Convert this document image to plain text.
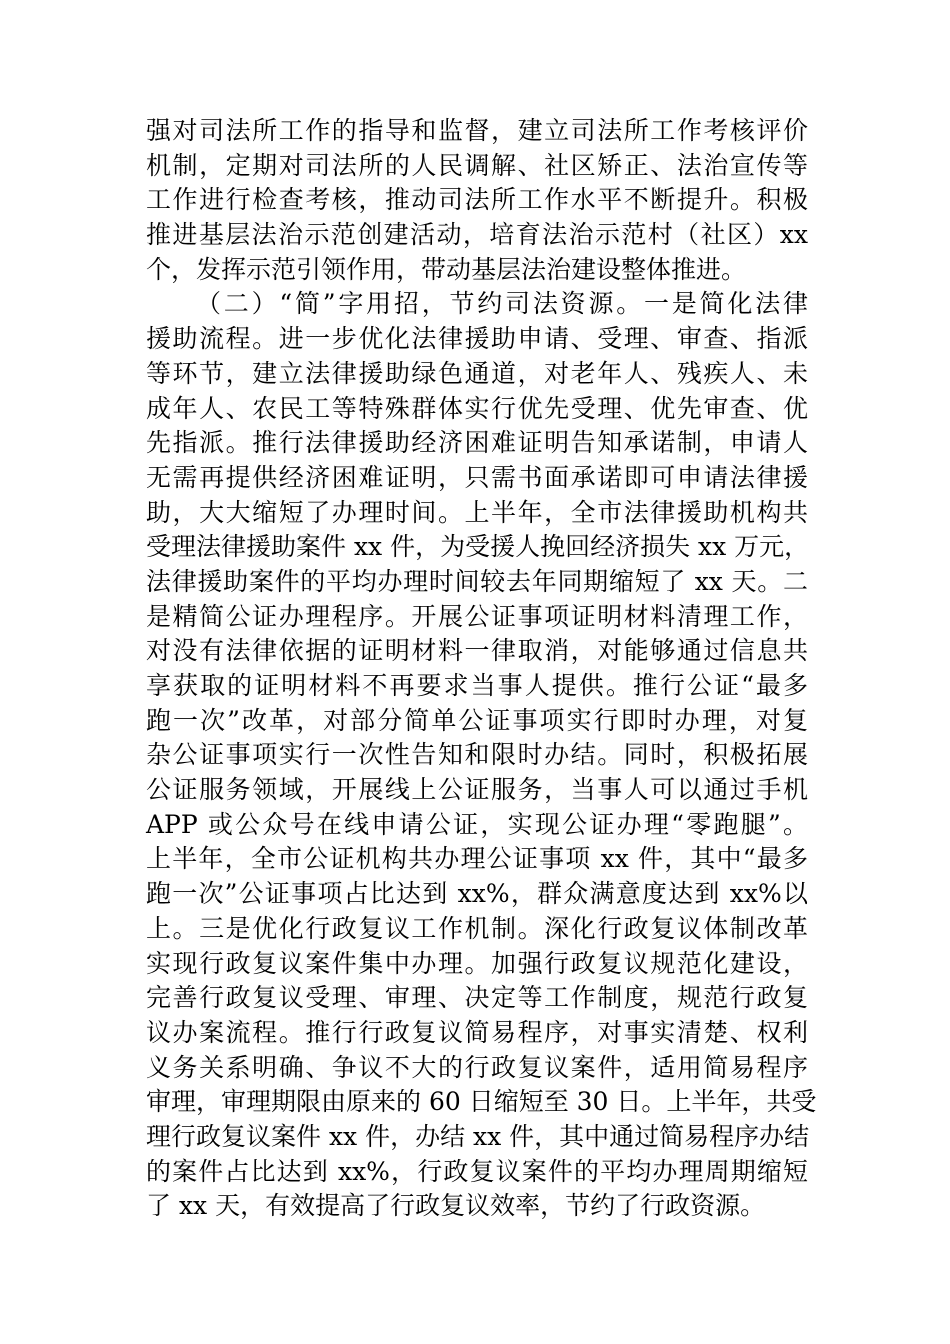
强对司法所工作的指导和监督，建立司法所工作考核评价
机制，定期对司法所的人民调解、社区矫正、法治宣传等
工作进行检查考核，推动司法所工作水平不断提升。积极
推进基层法治示范创建活动，培育法治示范村（社区）xx
个，发挥示范引领作用，带动基层法治建设整体推进。
（二）“简”字用招，节约司法资源。一是简化法律
援助流程。进一步优化法律援助申请、受理、审查、指派
等环节，建立法律援助绿色通道，对老年人、残疾人、未
成年人、农民工等特殊群体实行优先受理、优先审查、优
先指派。推行法律援助经济困难证明告知承诺制，申请人
无需再提供经济困难证明，只需书面承诺即可申请法律援
助，大大缩短了办理时间。上半年，全市法律援助机构共
受理法律援助案件 xx 件，为受援人挽回经济损失 xx 万元，
法律援助案件的平均办理时间较去年同期缩短了 xx 天。二
是精简公证办理程序。开展公证事项证明材料清理工作，
对没有法律依据的证明材料一律取消，对能够通过信息共
享获取的证明材料不再要求当事人提供。推行公证“最多
跑一次”改革，对部分简单公证事项实行即时办理，对复
杂公证事项实行一次性告知和限时办结。同时，积极拓展
公证服务领域，开展线上公证服务，当事人可以通过手机
APP 或公众号在线申请公证，实现公证办理“零跑腿”。
上半年，全市公证机构共办理公证事项 xx 件，其中“最多
跑一次”公证事项占比达到 xx%，群众满意度达到 xx%以
上。三是优化行政复议工作机制。深化行政复议体制改革
实现行政复议案件集中办理。加强行政复议规范化建设，
完善行政复议受理、审理、决定等工作制度，规范行政复
议办案流程。推行行政复议简易程序，对事实清楚、权利
义务关系明确、争议不大的行政复议案件，适用简易程序
审理，审理期限由原来的 60 日缩短至 30 日。上半年，共受
理行政复议案件 xx 件，办结 xx 件，其中通过简易程序办结
的案件占比达到 xx%，行政复议案件的平均办理周期缩短
了 xx 天，有效提高了行政复议效率，节约了行政资源。
